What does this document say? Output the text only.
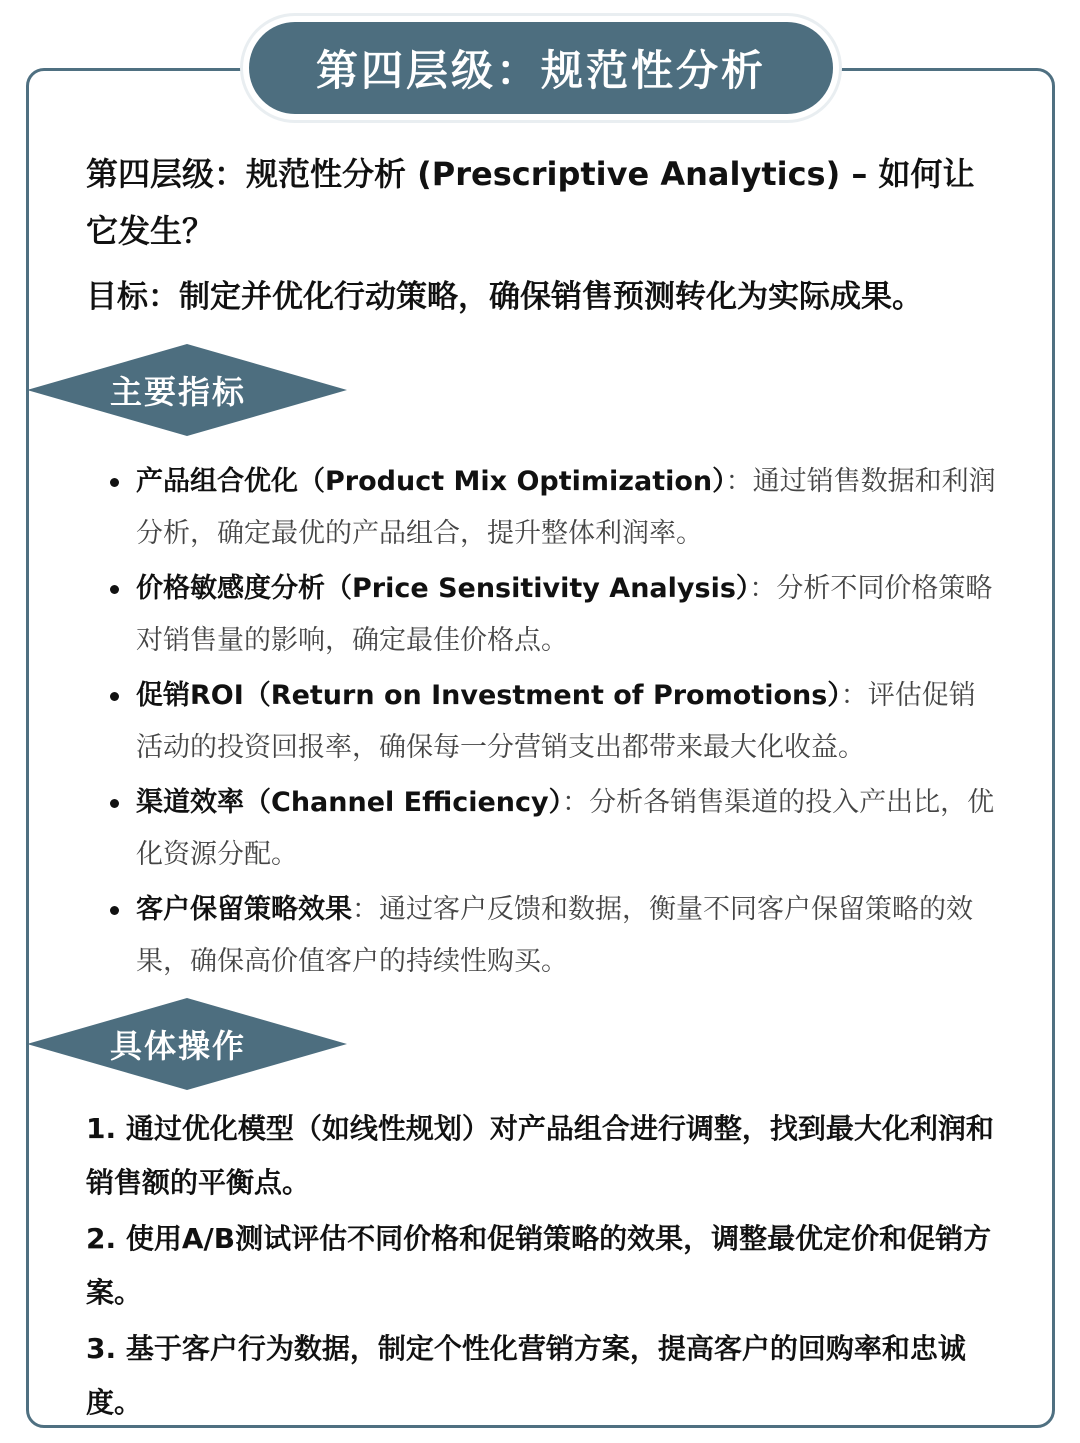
第四层级：规范性分析
第四层级：规范性分析 (Prescriptive Analytics) – 如何让它发生？
目标：制定并优化行动策略，确保销售预测转化为实际成果。
主要指标
产品组合优化（Product Mix Optimization）：通过销售数据和利润分析，确定最优的产品组合，提升整体利润率。
价格敏感度分析（Price Sensitivity Analysis）：分析不同价格策略对销售量的影响，确定最佳价格点。
促销ROI（Return on Investment of Promotions）：评估促销活动的投资回报率，确保每一分营销支出都带来最大化收益。
渠道效率（Channel Efficiency）：分析各销售渠道的投入产出比，优化资源分配。
客户保留策略效果：通过客户反馈和数据，衡量不同客户保留策略的效果，确保高价值客户的持续性购买。
具体操作
1. 通过优化模型（如线性规划）对产品组合进行调整，找到最大化利润和销售额的平衡点。
2. 使用A/B测试评估不同价格和促销策略的效果，调整最优定价和促销方案。
3. 基于客户行为数据，制定个性化营销方案，提高客户的回购率和忠诚度。
